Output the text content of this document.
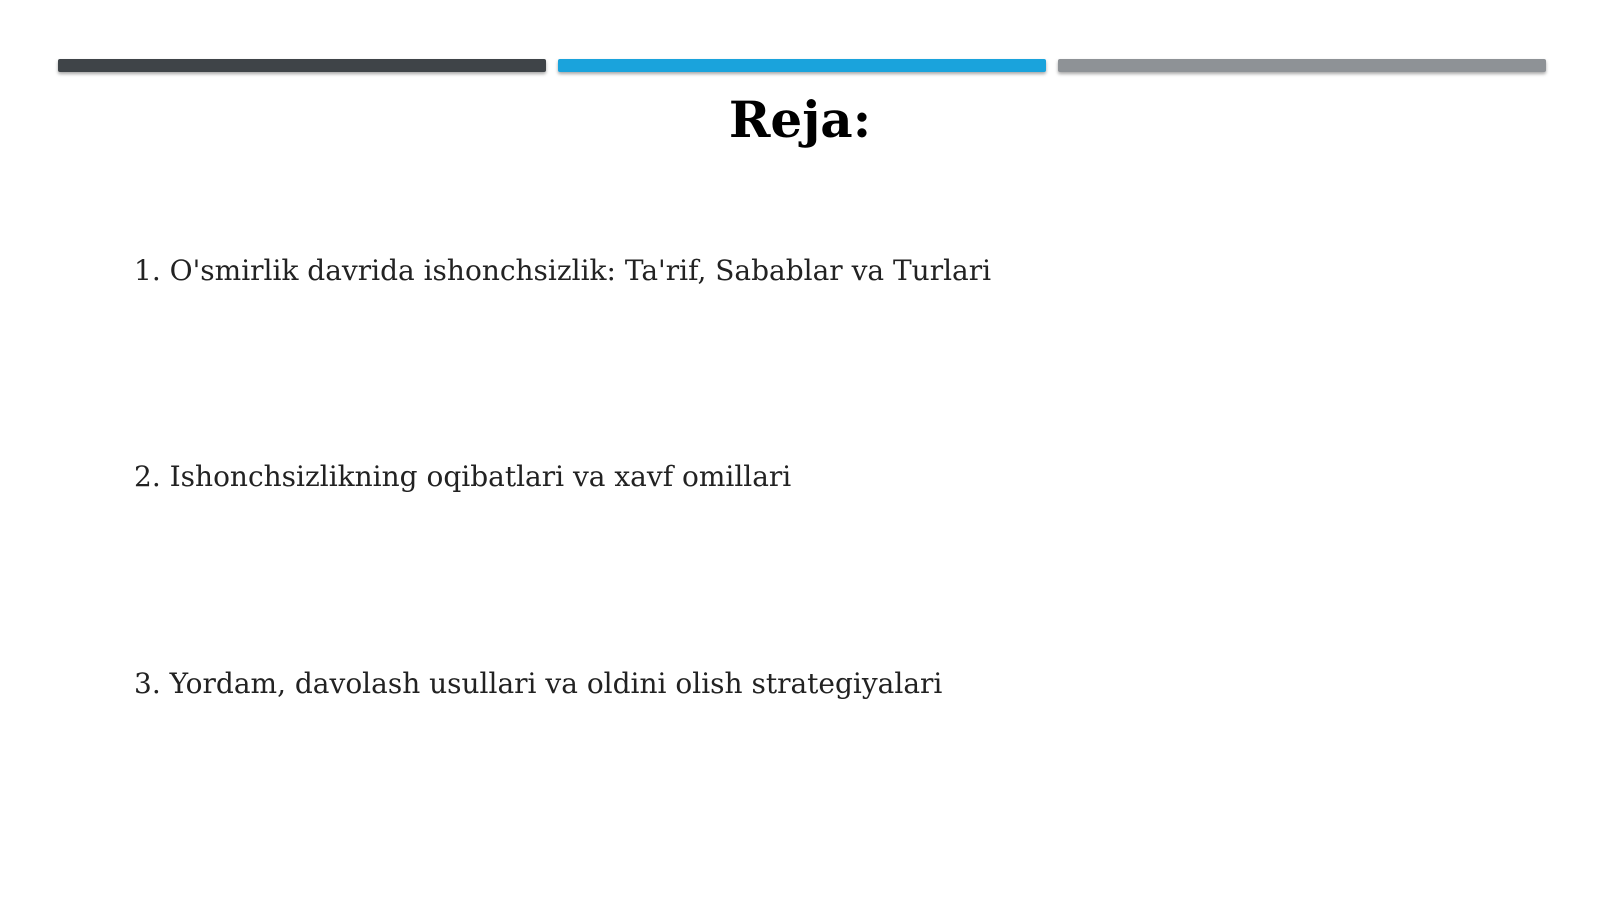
Reja:
1. O'smirlik davrida ishonchsizlik: Ta'rif, Sabablar va Turlari
2. Ishonchsizlikning oqibatlari va xavf omillari
3. Yordam, davolash usullari va oldini olish strategiyalari
